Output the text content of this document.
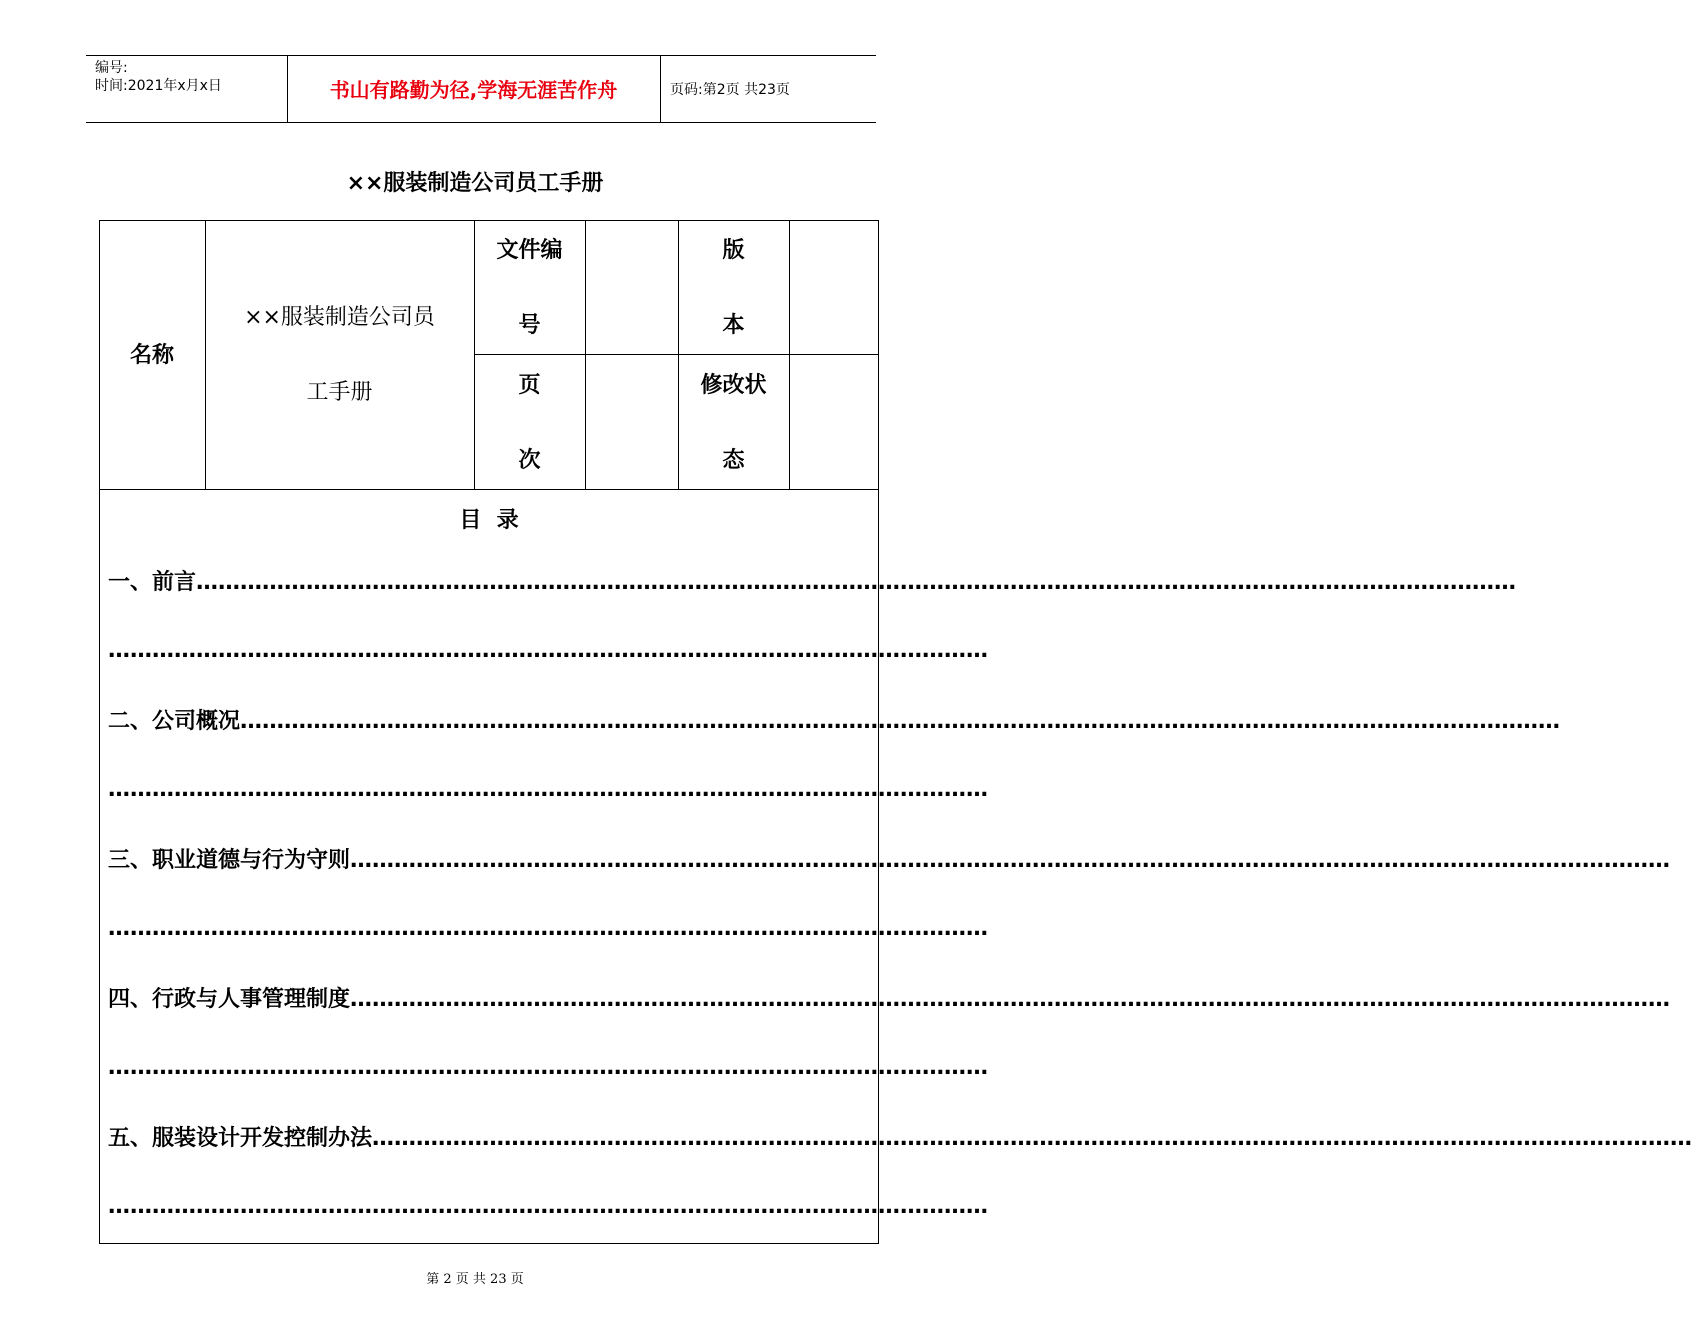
编号:
时间:2021年x月x日	书山有路勤为径,学海无涯苦作舟	页码:第2页 共23页
××服装制造公司员工手册
名称
××服装制造公司员
工手册
文件编
号
版
本
页
次
修改状
态
目  录
一、前言………………………………………………………………………………………………………………………………………………………………
…………………………………………………………………………………………………………
二、公司概况………………………………………………………………………………………………………………………………………………………………
…………………………………………………………………………………………………………
三、职业道德与行为守则………………………………………………………………………………………………………………………………………………………………
…………………………………………………………………………………………………………
四、行政与人事管理制度………………………………………………………………………………………………………………………………………………………………
…………………………………………………………………………………………………………
五、服装设计开发控制办法………………………………………………………………………………………………………………………………………………………………
…………………………………………………………………………………………………………
第 2 页 共 23 页
